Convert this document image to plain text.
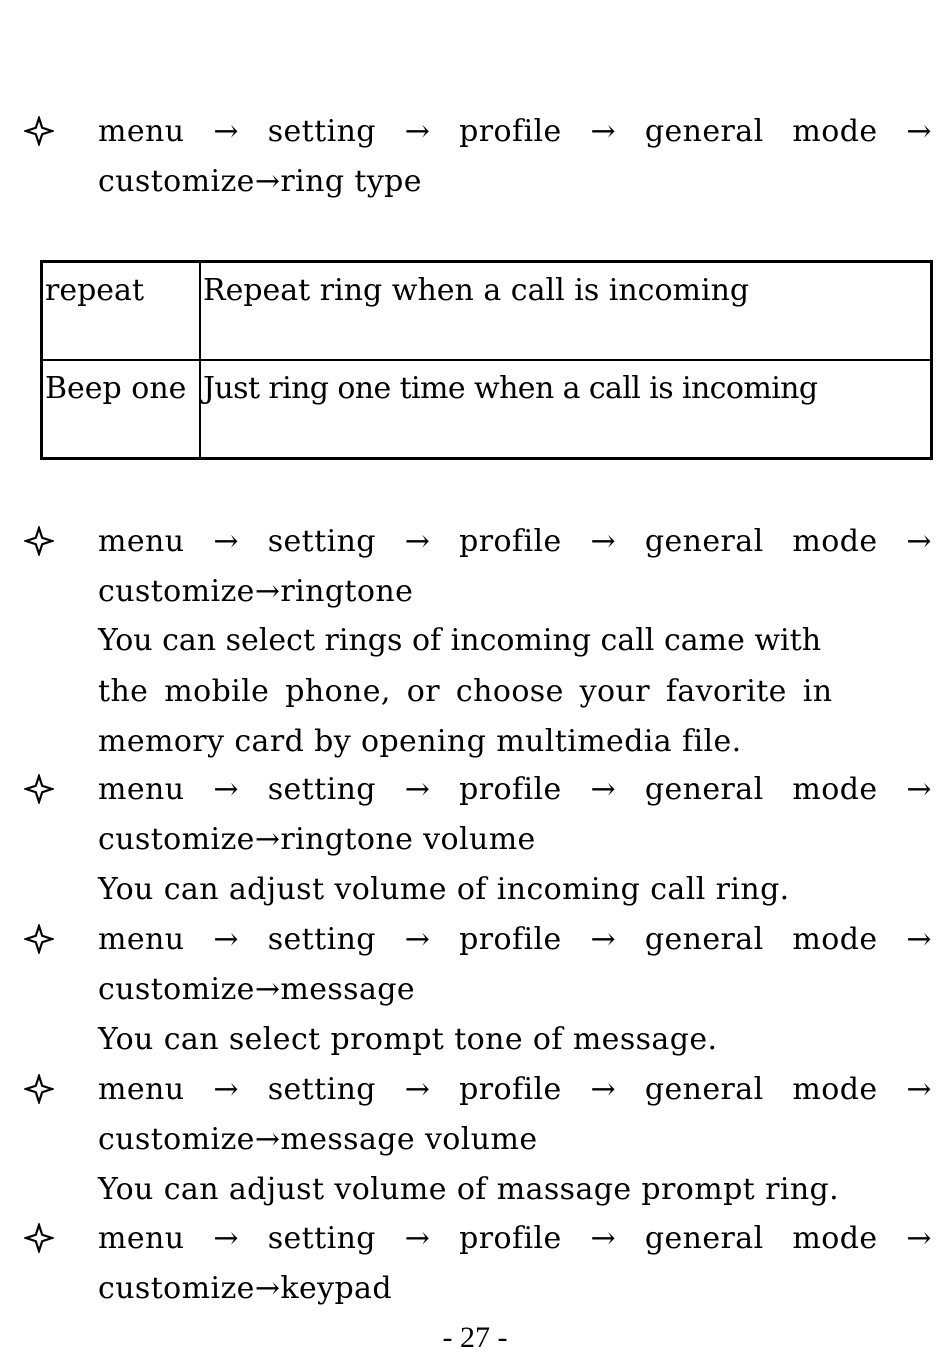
menu → setting → profile → general mode →
customize→ring type
repeat	Repeat ring when a call is incoming
Beep one	Just ring one time when a call is incoming
menu → setting → profile → general mode →
customize→ringtone
You can select rings of incoming call came with
the mobile phone, or choose your favorite in
memory card by opening multimedia file.
menu → setting → profile → general mode →
customize→ringtone volume
You can adjust volume of incoming call ring.
menu → setting → profile → general mode →
customize→message
You can select prompt tone of message.
menu → setting → profile → general mode →
customize→message volume
You can adjust volume of massage prompt ring.
menu → setting → profile → general mode →
customize→keypad
- 27 -
